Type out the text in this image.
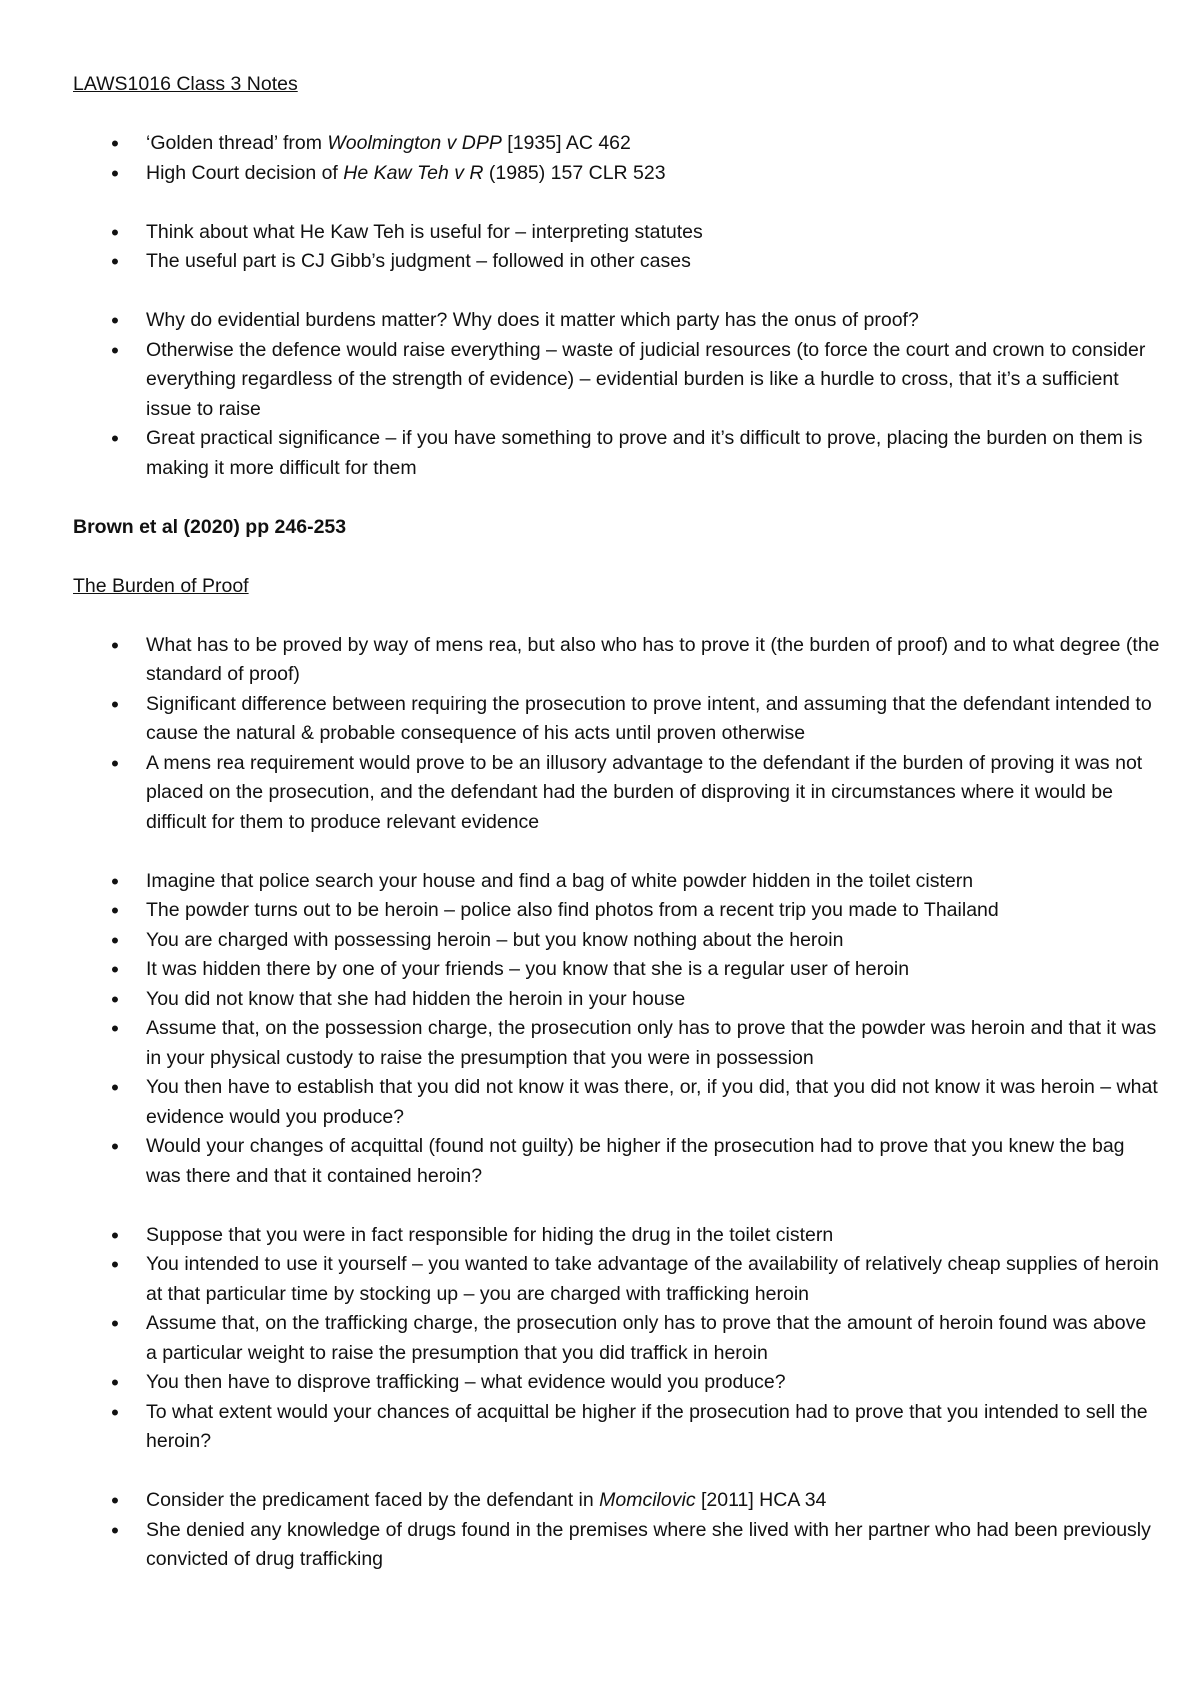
LAWS1016 Class 3 Notes

•
‘Golden thread’ from Woolmington v DPP [1935] AC 462
•
High Court decision of He Kaw Teh v R (1985) 157 CLR 523
•
Think about what He Kaw Teh is useful for – interpreting statutes
•
The useful part is CJ Gibb’s judgment – followed in other cases
•
Why do evidential burdens matter? Why does it matter which party has the onus of proof?
•
Otherwise the defence would raise everything – waste of judicial resources (to force the court and crown to consider everything regardless of the strength of evidence) – evidential burden is like a hurdle to cross, that it’s a sufficient issue to raise
•
Great practical significance – if you have something to prove and it’s difficult to prove, placing the burden on them is making it more difficult for them

Brown et al (2020) pp 246-253

The Burden of Proof

•
What has to be proved by way of mens rea, but also who has to prove it (the burden of proof) and to what degree (the standard of proof)
•
Significant difference between requiring the prosecution to prove intent, and assuming that the defendant intended to cause the natural & probable consequence of his acts until proven otherwise
•
A mens rea requirement would prove to be an illusory advantage to the defendant if the burden of proving it was not placed on the prosecution, and the defendant had the burden of disproving it in circumstances where it would be difficult for them to produce relevant evidence
•
Imagine that police search your house and find a bag of white powder hidden in the toilet cistern
•
The powder turns out to be heroin – police also find photos from a recent trip you made to Thailand
•
You are charged with possessing heroin – but you know nothing about the heroin
•
It was hidden there by one of your friends – you know that she is a regular user of heroin
•
You did not know that she had hidden the heroin in your house
•
Assume that, on the possession charge, the prosecution only has to prove that the powder was heroin and that it was in your physical custody to raise the presumption that you were in possession
•
You then have to establish that you did not know it was there, or, if you did, that you did not know it was heroin – what evidence would you produce?
•
Would your changes of acquittal (found not guilty) be higher if the prosecution had to prove that you knew the bag was there and that it contained heroin?
•
Suppose that you were in fact responsible for hiding the drug in the toilet cistern
•
You intended to use it yourself – you wanted to take advantage of the availability of relatively cheap supplies of heroin at that particular time by stocking up – you are charged with trafficking heroin
•
Assume that, on the trafficking charge, the prosecution only has to prove that the amount of heroin found was above a particular weight to raise the presumption that you did traffick in heroin
•
You then have to disprove trafficking – what evidence would you produce?
•
To what extent would your chances of acquittal be higher if the prosecution had to prove that you intended to sell the heroin?
•
Consider the predicament faced by the defendant in Momcilovic [2011] HCA 34
•
She denied any knowledge of drugs found in the premises where she lived with her partner who had been previously convicted of drug trafficking
